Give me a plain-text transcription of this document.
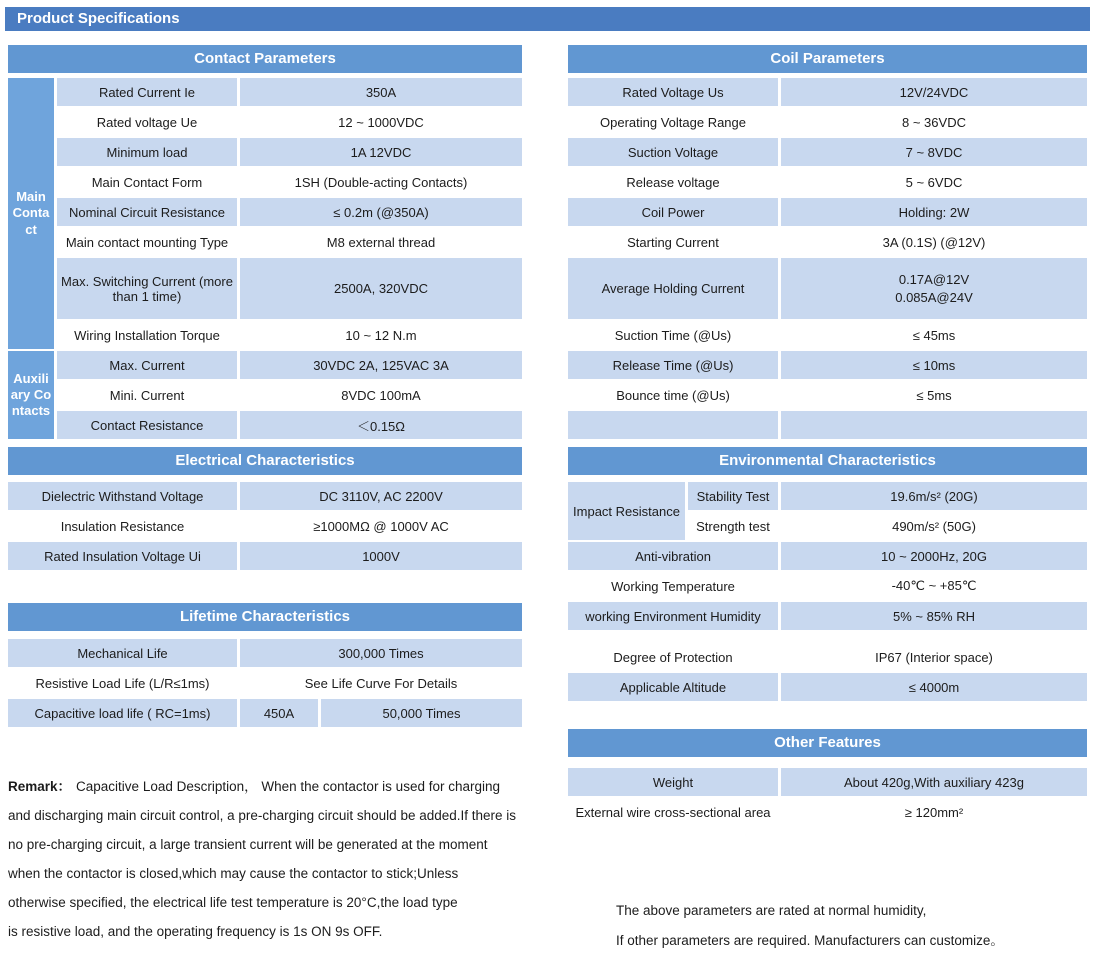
Product Specifications
Contact Parameters
Main Contact
Rated Current Ie	350A
Rated voltage Ue	12 ~ 1000VDC
Minimum load	1A 12VDC
Main Contact Form	1SH (Double-acting Contacts)
Nominal Circuit Resistance	≤ 0.2m (@350A)
Main contact mounting Type	M8 external thread
Max. Switching Current (more than 1 time)	2500A, 320VDC
Wiring Installation Torque	10 ~ 12 N.m
Auxiliary Contacts
Max. Current	30VDC 2A, 125VAC 3A
Mini. Current	8VDC 100mA
Contact Resistance	＜0.15Ω
Electrical Characteristics
Dielectric Withstand Voltage	DC 3110V, AC 2200V
Insulation Resistance	≥1000MΩ @ 1000V AC
Rated Insulation Voltage Ui	1000V
Lifetime Characteristics
Mechanical Life	300,000 Times
Resistive Load Life (L/R≤1ms)	See Life Curve For Details
Capacitive load life ( RC=1ms)	450A	50,000 Times
Remark： Capacitive Load Description， When the contactor is used for charging
and discharging main circuit control, a pre-charging circuit should be added.If there is
no pre-charging circuit, a large transient current will be generated at the moment
when the contactor is closed,which may cause the contactor to stick;Unless
otherwise specified, the electrical life test temperature is 20°C,the load type
is resistive load, and the operating frequency is 1s ON 9s OFF.
Coil Parameters
Rated Voltage Us	12V/24VDC
Operating Voltage Range	8 ~ 36VDC
Suction Voltage	7 ~ 8VDC
Release voltage	5 ~ 6VDC
Coil Power	Holding: 2W
Starting Current	3A (0.1S) (@12V)
Average Holding Current
0.17A@12V
0.085A@24V
Suction Time (@Us)	≤ 45ms
Release Time (@Us)	≤ 10ms
Bounce time (@Us)	≤ 5ms
Environmental Characteristics
Impact Resistance
Stability Test	19.6m/s² (20G)
Strength test	490m/s² (50G)
Anti-vibration	10 ~ 2000Hz, 20G
Working Temperature	-40℃ ~ +85℃
working Environment Humidity	5% ~ 85% RH
Degree of Protection	IP67 (Interior space)
Applicable Altitude	≤ 4000m
Other Features
Weight	About 420g,With auxiliary 423g
External wire cross-sectional area	≥ 120mm²
The above parameters are rated at normal humidity,
If other parameters are required. Manufacturers can customize。
